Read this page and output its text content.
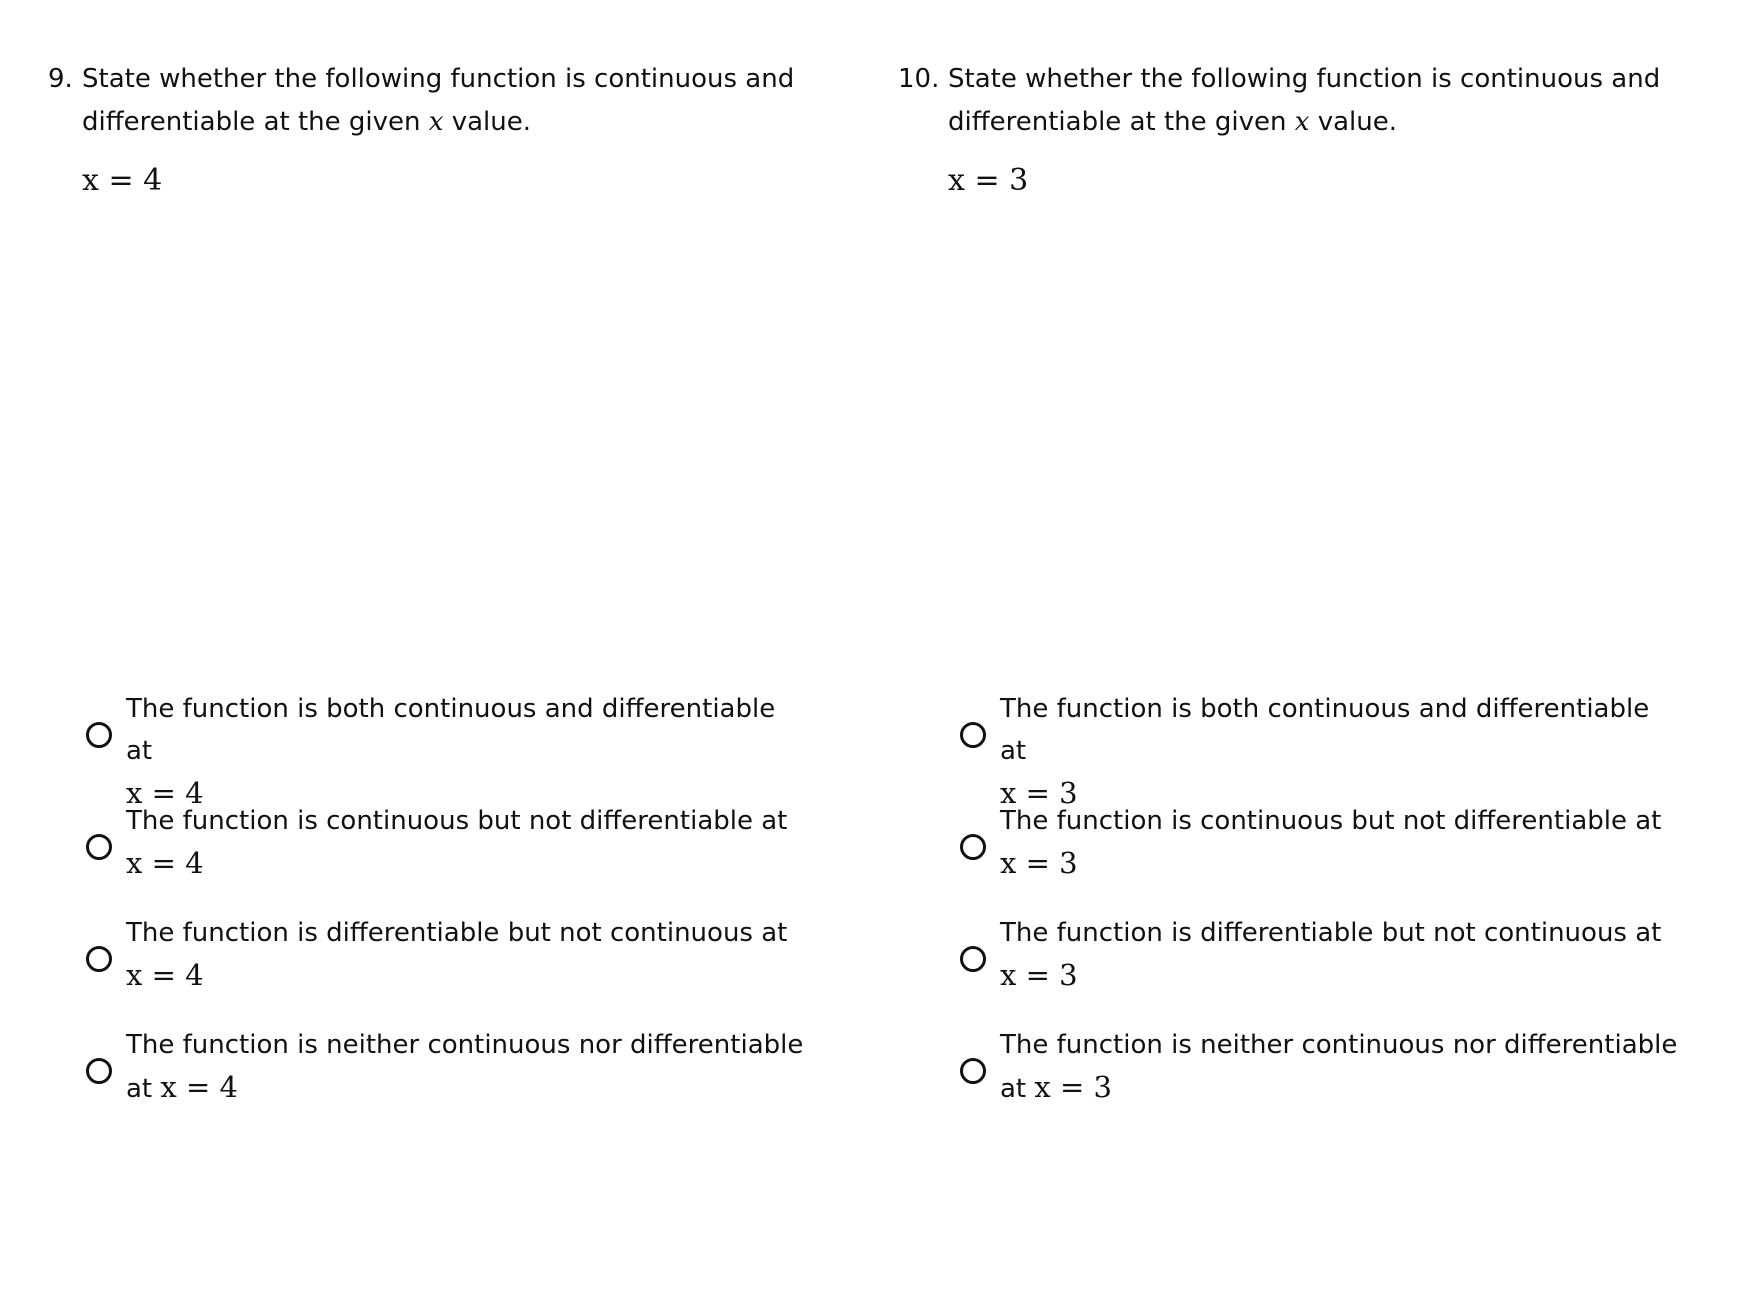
9. State whether the following function is continuous and
differentiable at the given x value.
x = 4
The function is both continuous and differentiable at
x = 4
The function is continuous but not differentiable at
x = 4
The function is differentiable but not continuous at
x = 4
The function is neither continuous nor differentiable
at x = 4
10. State whether the following function is continuous and
differentiable at the given x value.
x = 3
The function is both continuous and differentiable at
x = 3
The function is continuous but not differentiable at
x = 3
The function is differentiable but not continuous at
x = 3
The function is neither continuous nor differentiable
at x = 3
